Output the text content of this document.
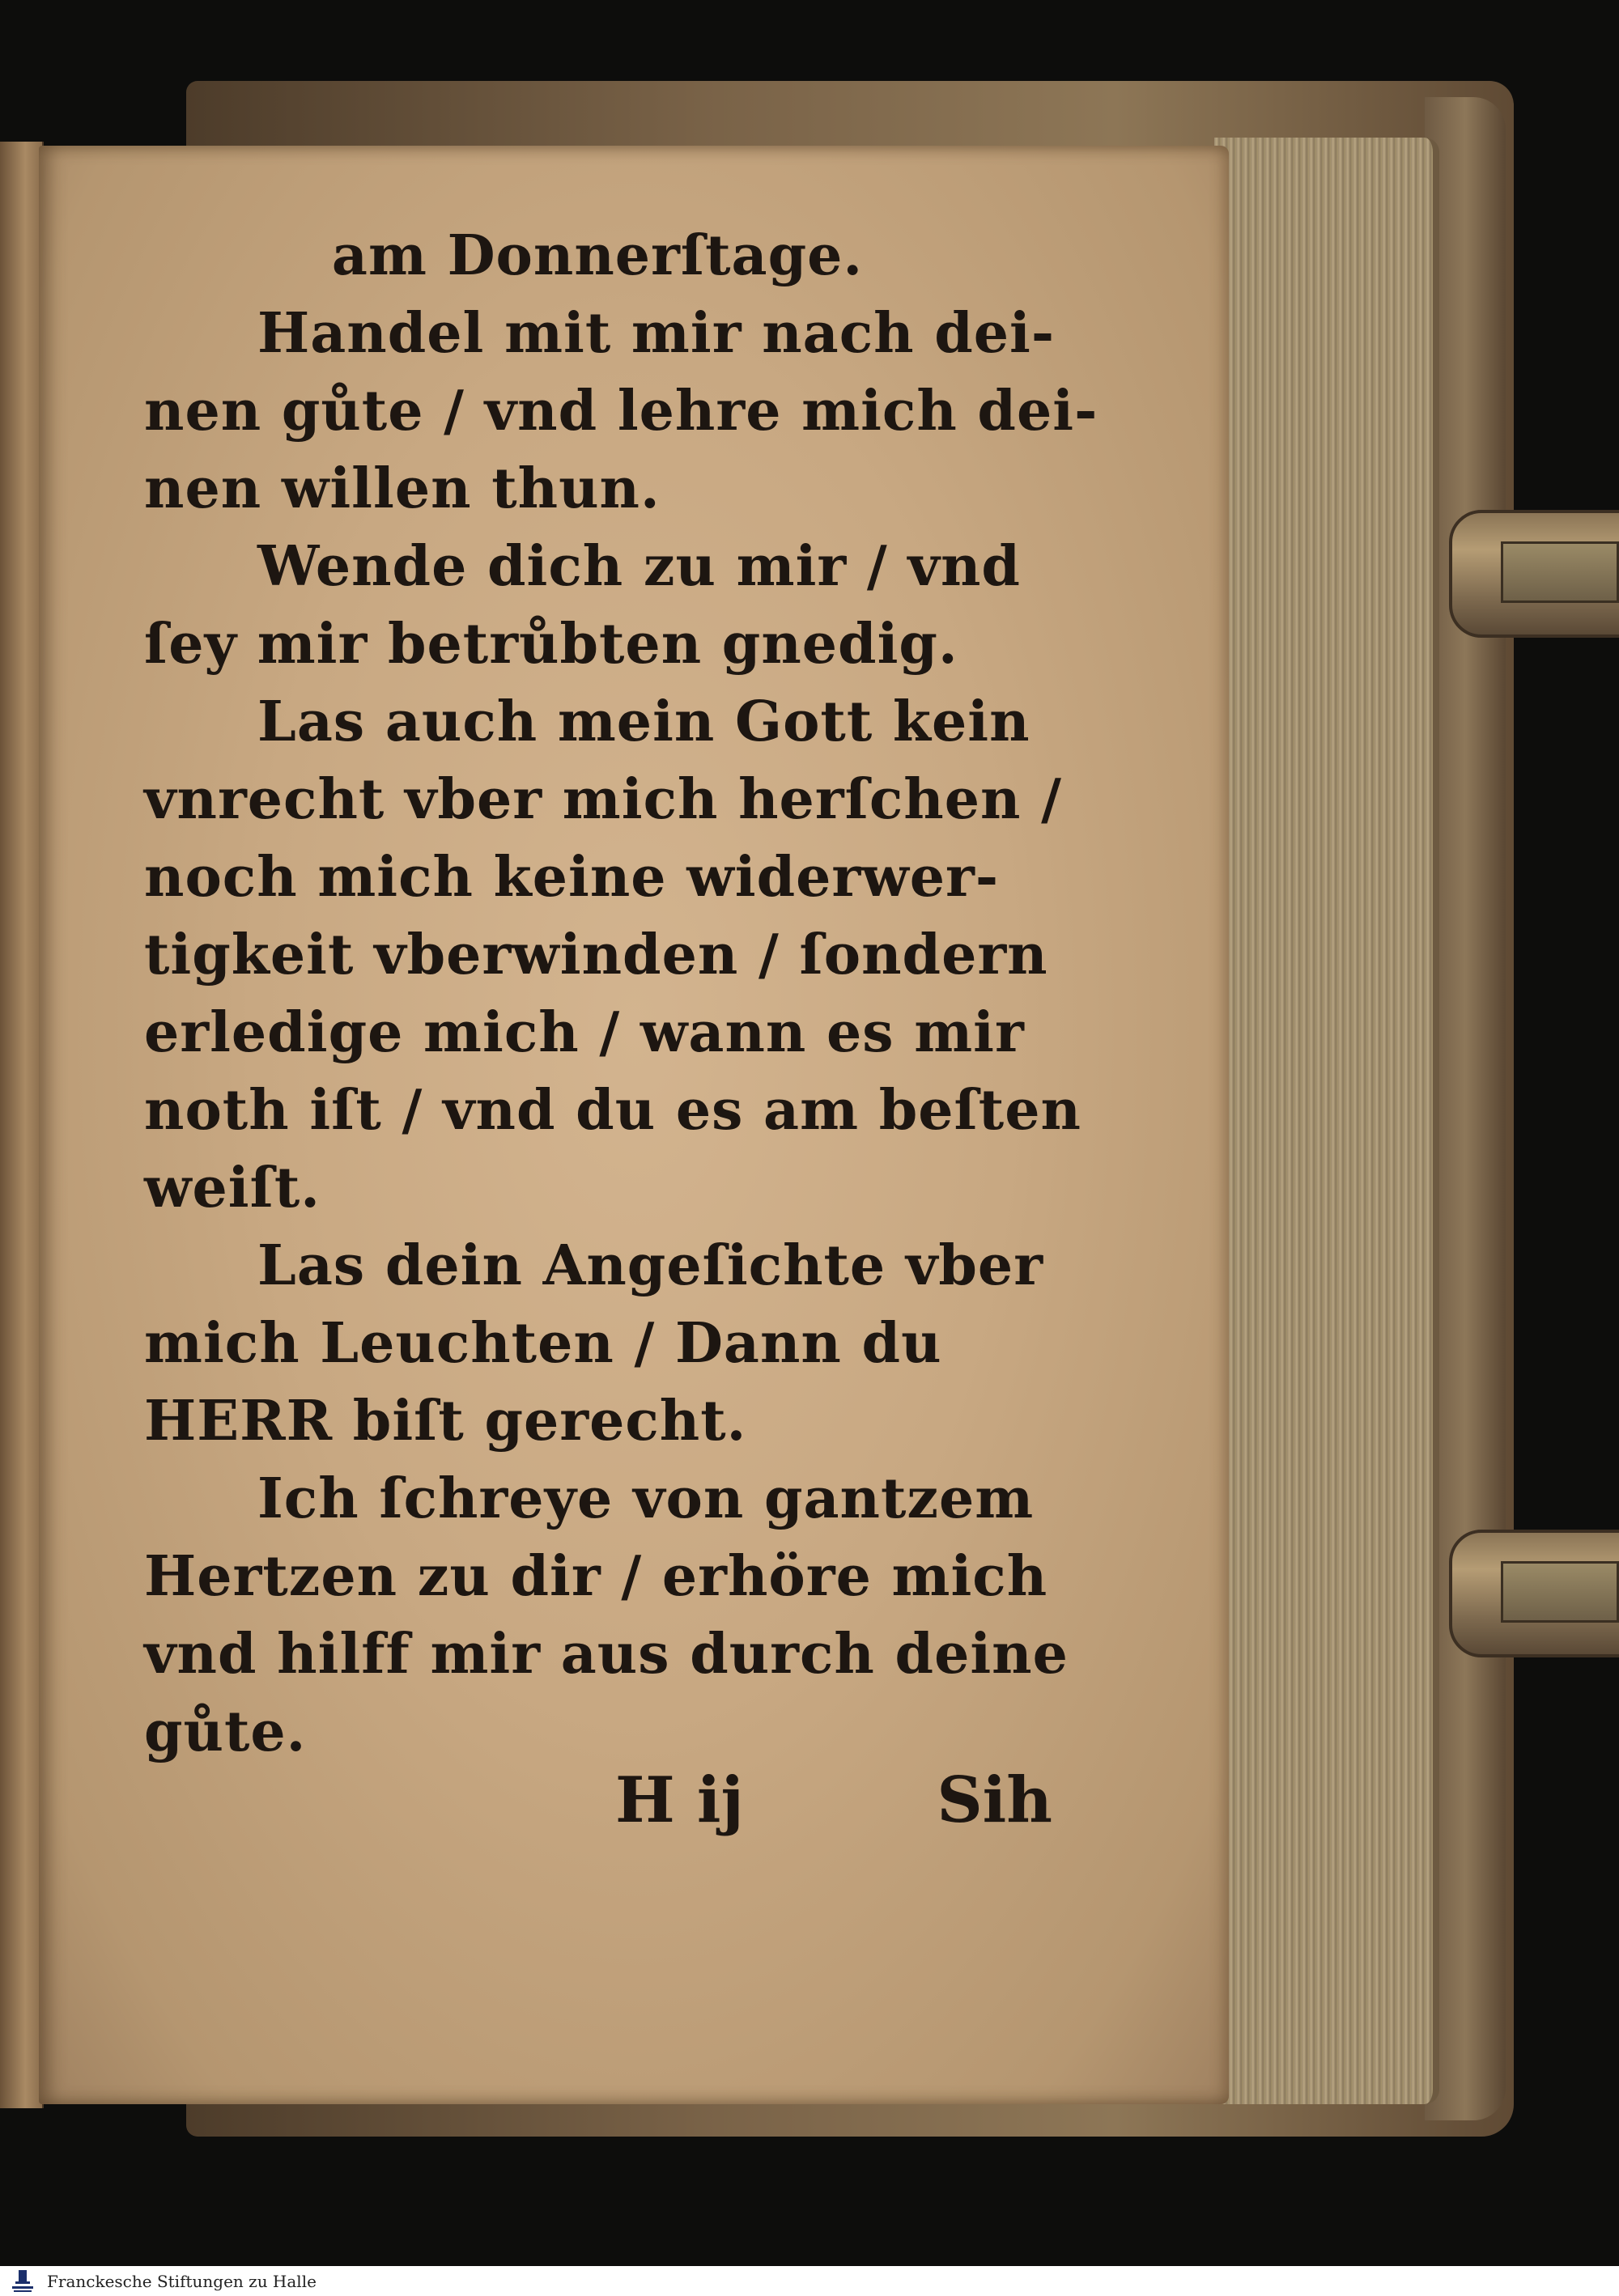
am Donnerſtage.
Handel mit mir nach dei-
nen gůte / vnd lehre mich dei-
nen willen thun.
Wende dich zu mir / vnd
ſey mir betrůbten gnedig.
Las auch mein Gott kein
vnrecht vber mich herſchen /
noch mich keine widerwer-
tigkeit vberwinden / ſondern
erledige mich / wann es mir
noth iſt / vnd du es am beſten
weiſt.
Las dein Angeſichte vber
mich Leuchten / Dann du
HERR biſt gerecht.
Ich ſchreye von gantzem
Hertzen zu dir / erhöre mich
vnd hilff mir aus durch deine
gůte.
H ij	Sih
Franckesche Stiftungen zu Halle
